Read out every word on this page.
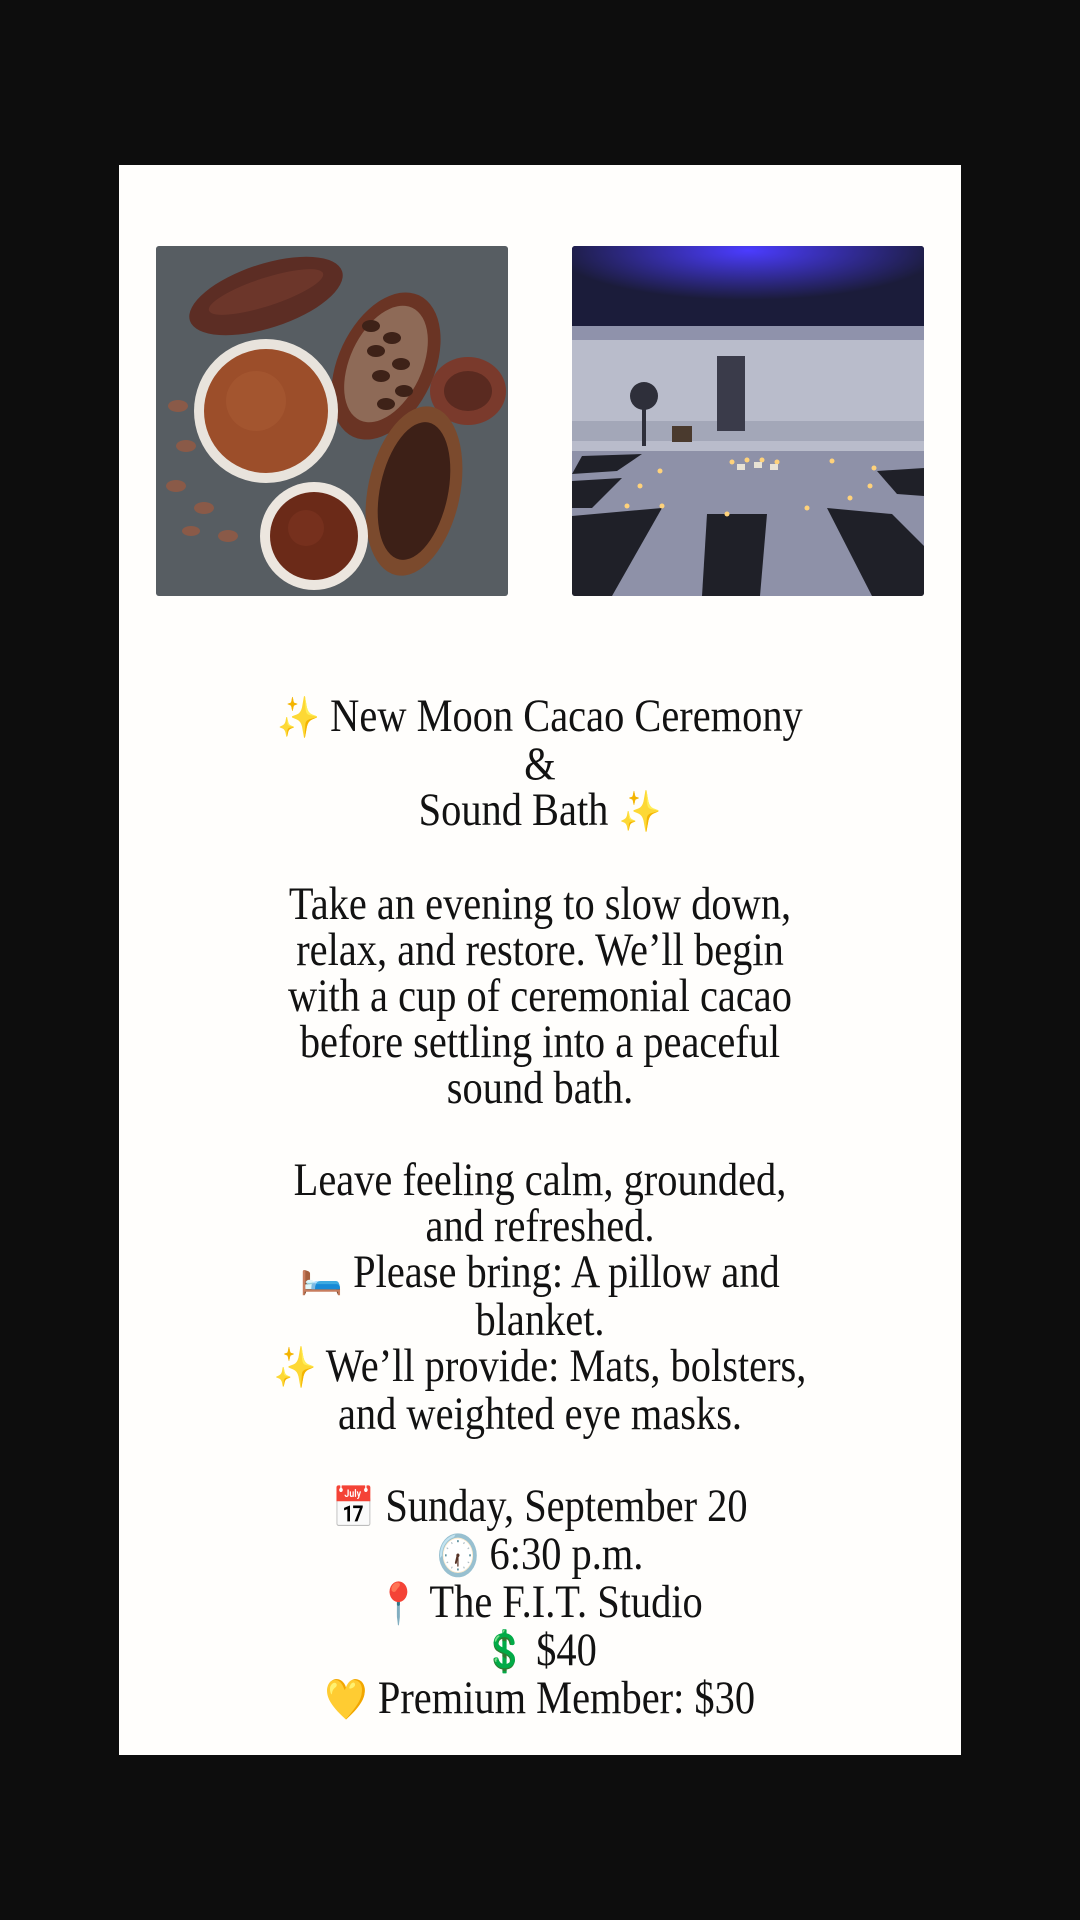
✨ New Moon Cacao Ceremony &
Sound Bath ✨

Take an evening to slow down, relax, and restore. We’ll begin with a cup of ceremonial cacao before settling into a peaceful sound bath.

Leave feeling calm, grounded, and refreshed.

🛏️ Please bring: A pillow and blanket.

✨ We’ll provide: Mats, bolsters, and weighted eye masks.

📅 Sunday, September 20

🕡 6:30 p.m.

📍 The F.I.T. Studio

💲 $40

💛 Premium Member: $30
